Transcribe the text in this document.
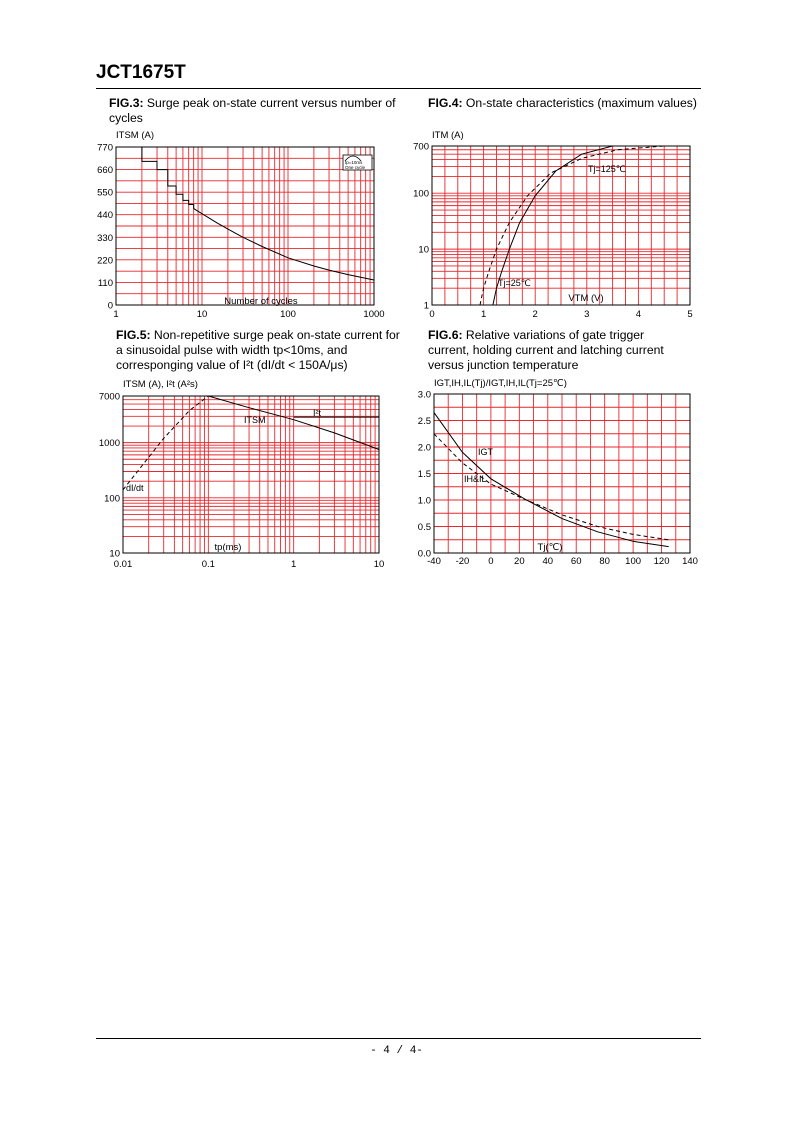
JCT1675T
FIG.3: Surge peak on-state current versus number of cycles
FIG.4: On-state characteristics (maximum values)
FIG.5: Non-repetitive surge peak on-state current for a sinusoidal pulse with width tp<10ms, and corresponging value of I²t (dI/dt < 150A/μs)
FIG.6: Relative variations of gate trigger current, holding current and latching current versus junction temperature
1	10	100	1000
0
110
220
330
440
550
660
770
ITSM (A)
Number of cycles
tp=10ms
One cycle
0	1	2	3	4	5
1
10
100
700
ITM (A)
VTM (V)
Tj=25℃
Tj=125℃
0.01	0.1	1	10
10
100
1000
7000
ITSM (A), I²t (A²s)
tp(ms)
dI/dt
ITSM
I²t
-40 -20 0 20 40 60 80 100 120 140
0.0
0.5
1.0
1.5
2.0
2.5
3.0
IGT,IH,IL(Tj)/IGT,IH,IL(Tj=25℃)
Tj(℃)
IGT
IH&IL
- 4 / 4-
